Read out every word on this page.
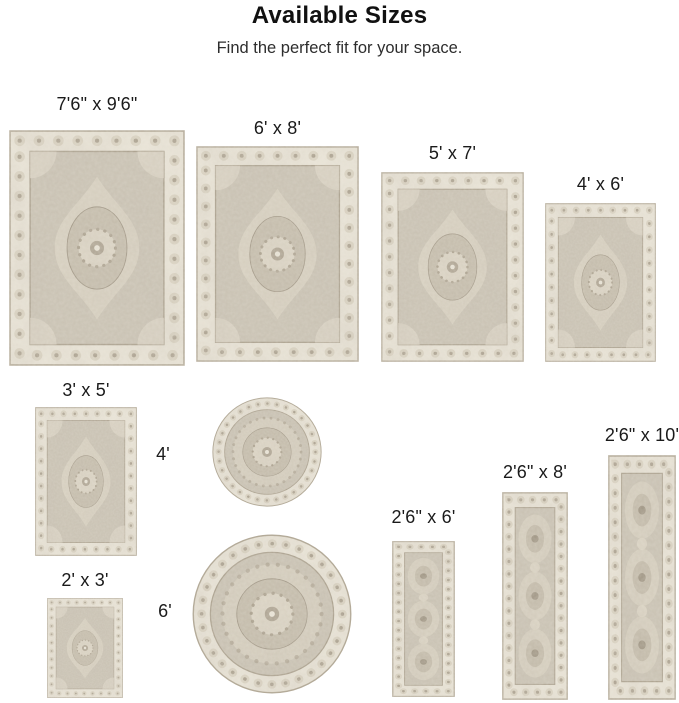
Available Sizes
Find the perfect fit for your space.
7'6" x 9'6"
6' x 8'
5' x 7'
4' x 6'
3' x 5'
2' x 3'
4'
6'
2'6" x 6'
2'6" x 8'
2'6" x 10'
